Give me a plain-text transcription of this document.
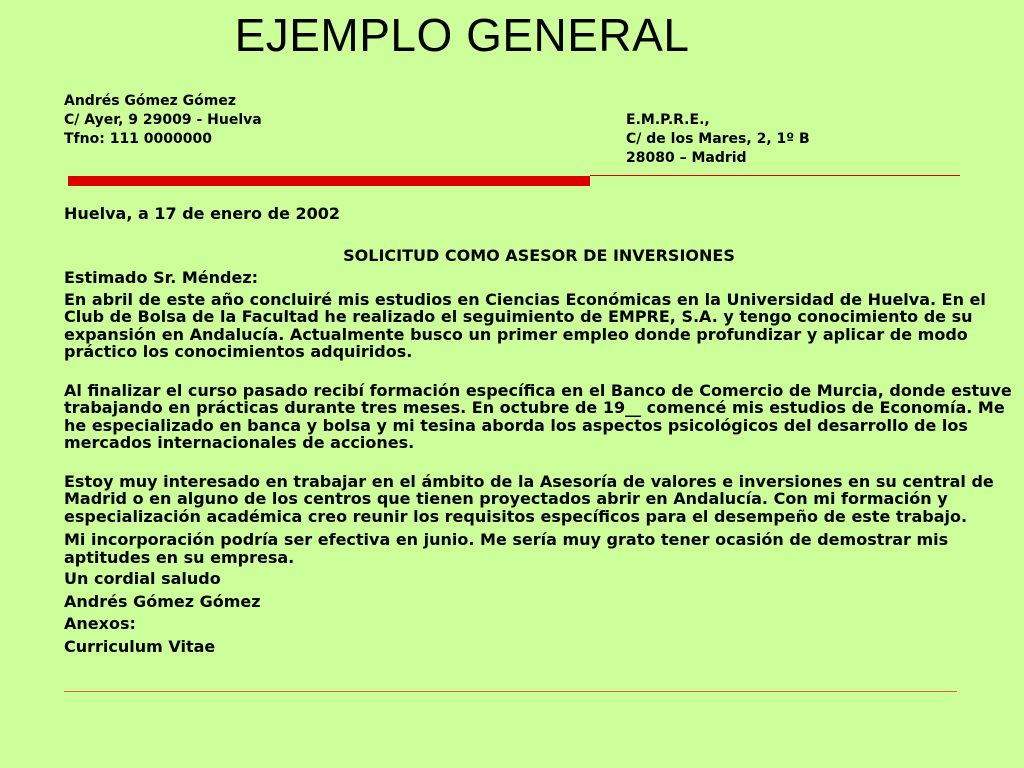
EJEMPLO GENERAL
Andrés Gómez Gómez
C/ Ayer, 9 29009 - Huelva
Tfno: 111 0000000
E.M.P.R.E.,
C/ de los Mares, 2, 1º B
28080 – Madrid

Huelva, a 17 de enero de 2002

SOLICITUD COMO ASESOR DE INVERSIONES

Estimado Sr. Méndez:

En abril de este año concluiré mis estudios en Ciencias Económicas en la Universidad de Huelva. En el Club de Bolsa de la Facultad he realizado el seguimiento de EMPRE, S.A. y tengo conocimiento de su expansión en Andalucía. Actualmente busco un primer empleo donde profundizar y aplicar de modo práctico los conocimientos adquiridos.

Al finalizar el curso pasado recibí formación específica en el Banco de Comercio de Murcia, donde estuve trabajando en prácticas durante tres meses. En octubre de 19__ comencé mis estudios de Economía. Me he especializado en banca y bolsa y mi tesina aborda los aspectos psicológicos del desarrollo de los mercados internacionales de acciones.

Estoy muy interesado en trabajar en el ámbito de la Asesoría de valores e inversiones en su central de Madrid o en alguno de los centros que tienen proyectados abrir en Andalucía. Con mi formación y especialización académica creo reunir los requisitos específicos para el desempeño de este trabajo.

Mi incorporación podría ser efectiva en junio. Me sería muy grato tener ocasión de demostrar mis aptitudes en su empresa.

Un cordial saludo

Andrés Gómez Gómez

Anexos:

Curriculum Vitae
